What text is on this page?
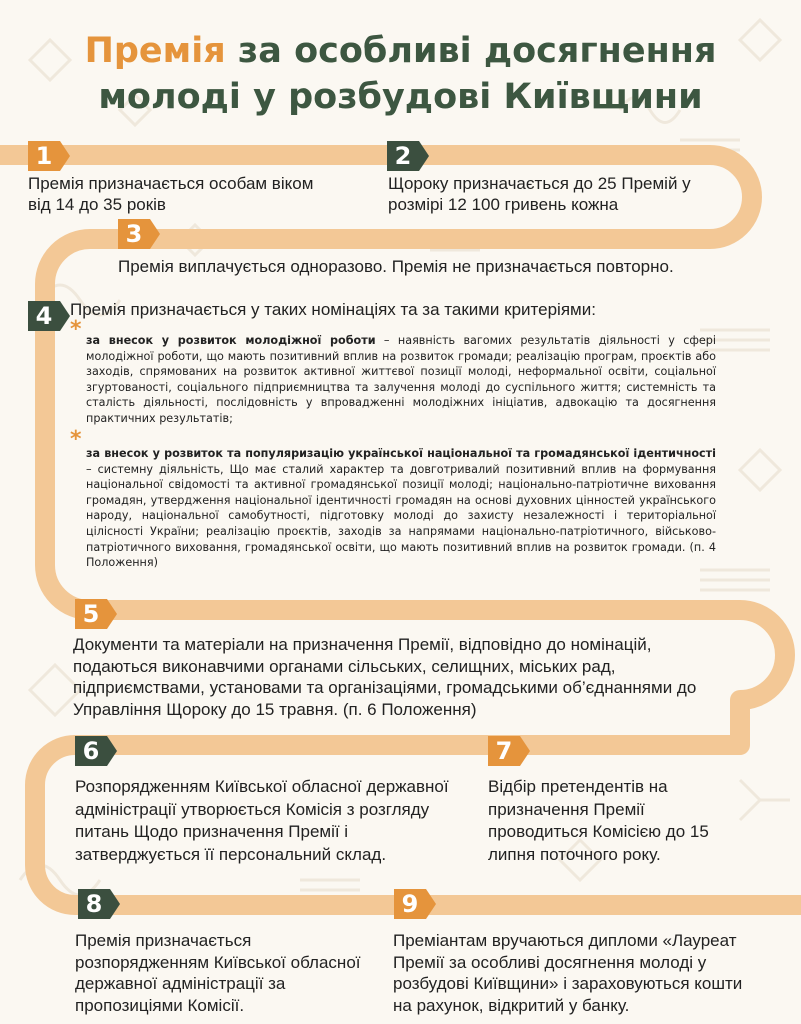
Премія за особливі досягнення
молоді у розбудові Київщини
1
Премія призначається особам віком від 14 до 35 років
2
Щороку призначається до 25 Премій у розмірі 12 100 гривень кожна
3
Премія виплачується одноразово. Премія не призначається повторно.
4	Премія призначається у таких номінаціях та за такими критеріями:
* за внесок у розвиток молодіжної роботи – наявність вагомих результатів діяльності у сфері молодіжної роботи, що мають позитивний вплив на розвиток громади; реалізацію програм, проєктів або заходів, спрямованих на розвиток активної життєвої позиції молоді, неформальної освіти, соціальної згуртованості, соціального підприємництва та залучення молоді до суспільного життя; системність та сталість діяльності, послідовність у впровадженні молодіжних ініціатив, адвокацію та досягнення практичних результатів;
*
за внесок у розвиток та популяризацію української національної та громадянської ідентичності – системну діяльність, Що має сталий характер та довготривалий позитивний вплив на формування національної свідомості та активної громадянської позиції молоді; національно-патріотичне виховання громадян, утвердження національної ідентичності громадян на основі духовних цінностей українського народу, національної самобутності, підготовку молоді до захисту незалежності і територіальної цілісності України; реалізацію проєктів, заходів за напрямами національно-патріотичного, військово-патріотичного виховання, громадянської освіти, що мають позитивний вплив на розвиток громади. (п. 4 Положення)
5
Документи та матеріали на призначення Премії, відповідно до номінацій, подаються виконавчими органами сільських, селищних, міських рад, підприємствами, установами та організаціями, громадськими об’єднаннями до Управління Щороку до 15 травня. (п. 6 Положення)
6
Розпорядженням Київської обласної державної адміністрації утворюється Комісія з розгляду питань Щодо призначення Премії і затверджується її персональний склад.
7
Відбір претендентів на призначення Премії проводиться Комісією до 15 липня поточного року.
8
Премія призначається розпорядженням Київської обласної державної адміністрації за пропозиціями Комісії.
9
Преміантам вручаються дипломи «Лауреат Премії за особливі досягнення молоді у розбудові Київщини» і зараховуються кошти на рахунок, відкритий у банку.
